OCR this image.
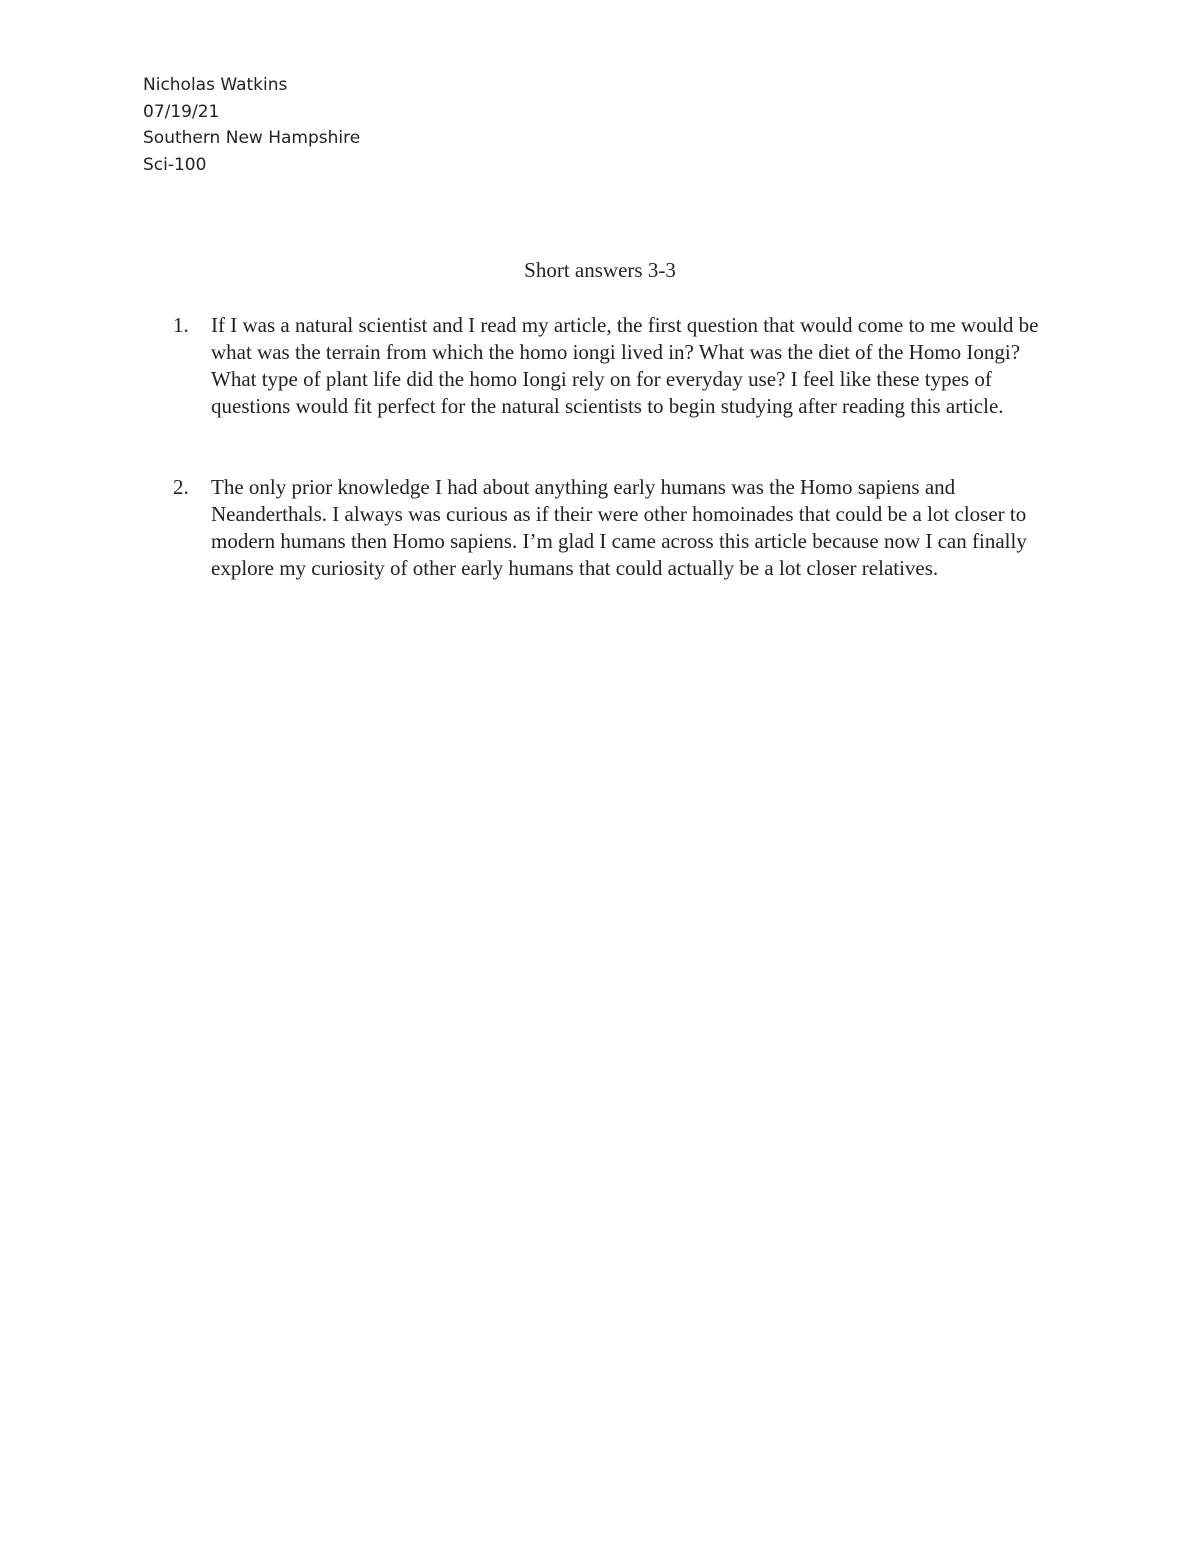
Nicholas Watkins
07/19/21
Southern New Hampshire
Sci-100
Short answers 3-3
1. If I was a natural scientist and I read my article, the first question that would come to me would be what was the terrain from which the homo iongi lived in? What was the diet of the Homo Iongi? What type of plant life did the homo Iongi rely on for everyday use? I feel like these types of questions would fit perfect for the natural scientists to begin studying after reading this article.
2. The only prior knowledge I had about anything early humans was the Homo sapiens and Neanderthals. I always was curious as if their were other homoinades that could be a lot closer to modern humans then Homo sapiens. I’m glad I came across this article because now I can finally explore my curiosity of other early humans that could actually be a lot closer relatives.
